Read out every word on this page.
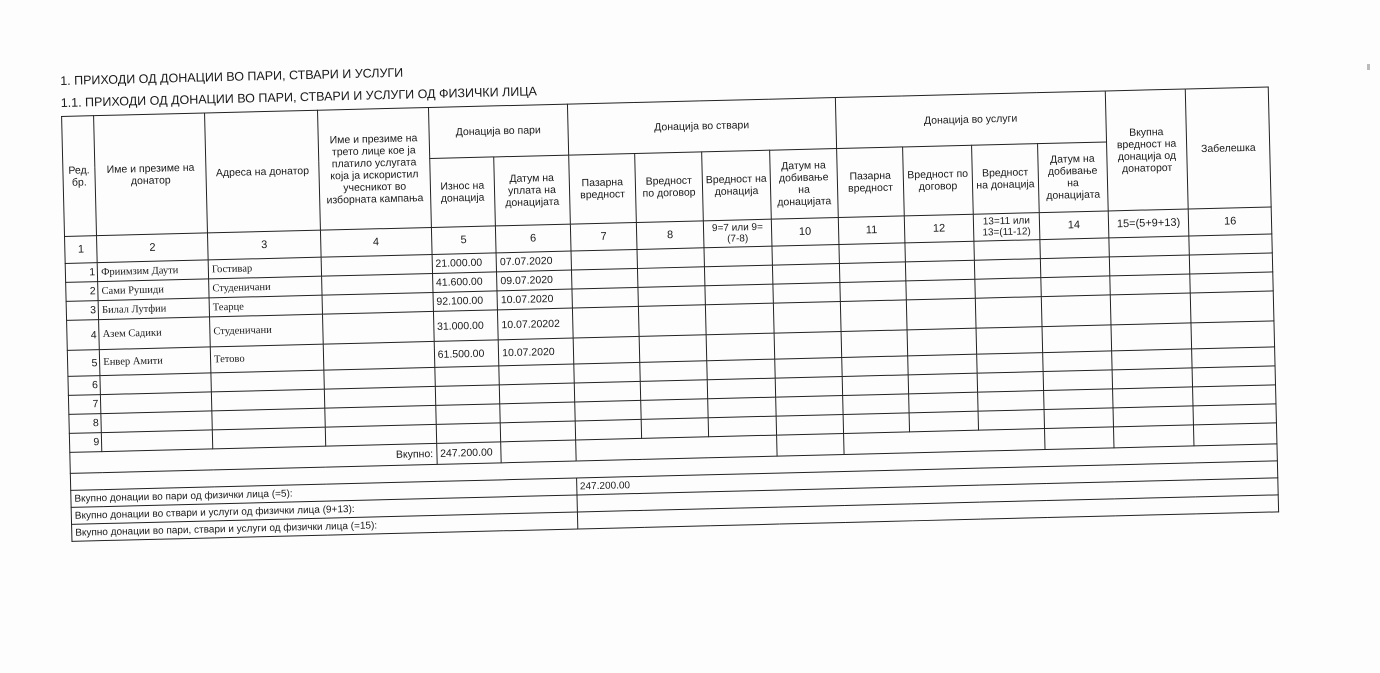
1. ПРИХОДИ ОД ДОНАЦИИ ВО ПАРИ, СТВАРИ И УСЛУГИ

1.1. ПРИХОДИ ОД ДОНАЦИИ ВО ПАРИ, СТВАРИ И УСЛУГИ ОД ФИЗИЧКИ ЛИЦА

Ред. бр.	Име и презиме на донатор	Адреса на донатор	Име и презиме на трето лице кое ја платило услугата која ја искористил учесникот во изборната кампања	Донација во пари		Донација во ствари				Донација во услуги				Вкупна вредност на донација од донаторот	Забелешка
				Износ на донација	Датум на уплата на донацијата	Пазарна вредност	Вредност по договор	Вредност на донација	Датум на добивање на донацијата	Пазарна вредност	Вредност по договор	Вредност на донација	Датум на добивање на донацијата		
1	2	3	4	5	6	7	8	9=7 или 9=(7-8)	10	11	12	13=11 или 13=(11-12)	14	15=(5+9+13)	16
1	Фриимзим Даути	Гостивар		21.000.00	07.07.2020										
2	Сами Рушиди	Студеничани		41.600.00	09.07.2020										
3	Билал Лутфии	Теарце		92.100.00	10.07.2020										
4	Азем Садики	Студеничани		31.000.00	10.07.20202										
5	Енвер Амити	Тетово		61.500.00	10.07.2020										
6															
7															
8															
9															
Вкупно:				247.200.00											

Вкупно донации во пари од физички лица (=5):						247.200.00									
Вкупно донации во ствари и услуги од физички лица (9+13):															
Вкупно донации во пари, ствари и услуги од физички лица (=15):															
